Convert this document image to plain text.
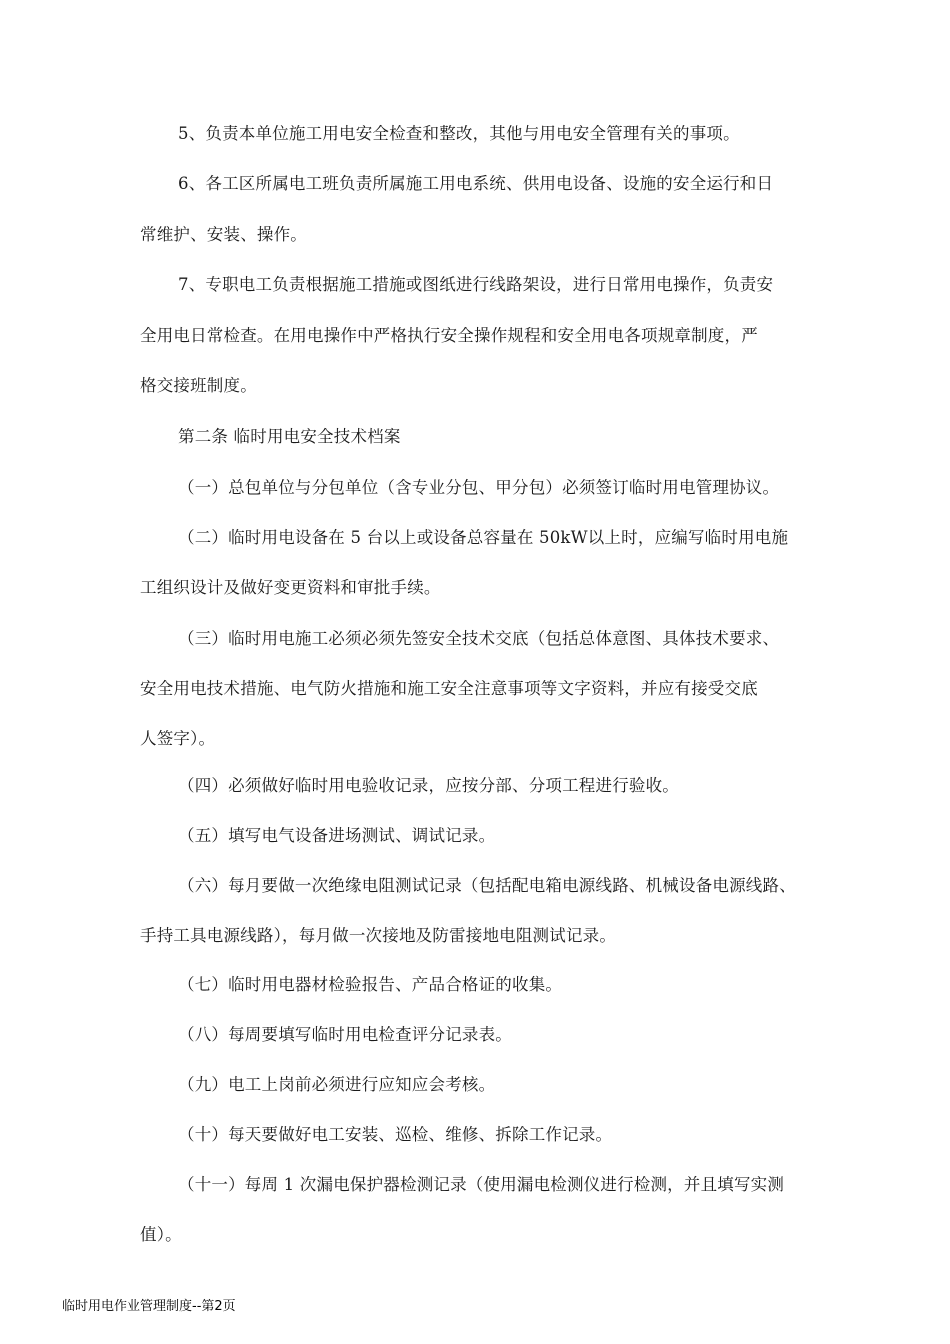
5、负责本单位施工用电安全检查和整改，其他与用电安全管理有关的事项。
6、各工区所属电工班负责所属施工用电系统、供用电设备、设施的安全运行和日
常维护、安装、操作。
7、专职电工负责根据施工措施或图纸进行线路架设，进行日常用电操作，负责安
全用电日常检查。在用电操作中严格执行安全操作规程和安全用电各项规章制度，严
格交接班制度。
第二条 临时用电安全技术档案
（一）总包单位与分包单位（含专业分包、甲分包）必须签订临时用电管理协议。
（二）临时用电设备在 5 台以上或设备总容量在 50kW以上时，应编写临时用电施
工组织设计及做好变更资料和审批手续。
（三）临时用电施工必须必须先签安全技术交底（包括总体意图、具体技术要求、
安全用电技术措施、电气防火措施和施工安全注意事项等文字资料，并应有接受交底
人签字）。
（四）必须做好临时用电验收记录，应按分部、分项工程进行验收。
（五）填写电气设备进场测试、调试记录。
（六）每月要做一次绝缘电阻测试记录（包括配电箱电源线路、机械设备电源线路、
手持工具电源线路），每月做一次接地及防雷接地电阻测试记录。
（七）临时用电器材检验报告、产品合格证的收集。
（八）每周要填写临时用电检查评分记录表。
（九）电工上岗前必须进行应知应会考核。
（十）每天要做好电工安装、巡检、维修、拆除工作记录。
（十一）每周 1 次漏电保护器检测记录（使用漏电检测仪进行检测，并且填写实测
值）。
临时用电作业管理制度--第2页
